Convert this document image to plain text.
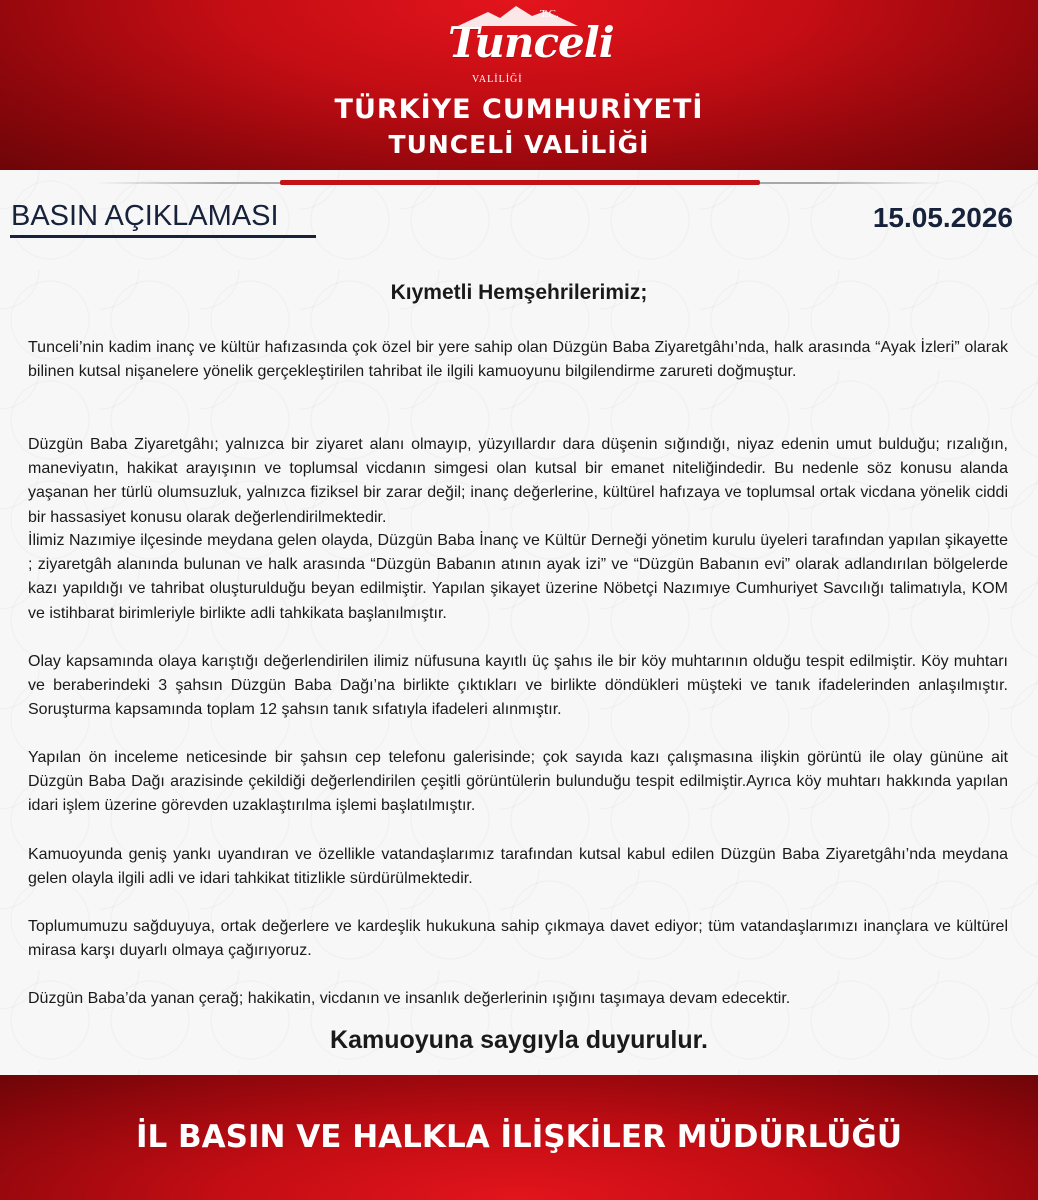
T.C.
Tunceli
VALİLİĞİ
TÜRKİYE CUMHURİYETİ
TUNCELİ VALİLİĞİ
BASIN AÇIKLAMASI	15.05.2026
Kıymetli Hemşehrilerimiz;

Tunceli’nin kadim inanç ve kültür hafızasında çok özel bir yere sahip olan Düzgün Baba Ziyaretgâhı’nda, halk arasında “Ayak İzleri” olarak bilinen kutsal nişanelere yönelik gerçekleştirilen tahribat ile ilgili kamuoyunu bilgilendirme zarureti doğmuştur.

Düzgün Baba Ziyaretgâhı; yalnızca bir ziyaret alanı olmayıp, yüzyıllardır dara düşenin sığındığı, niyaz edenin umut bulduğu; rızalığın, maneviyatın, hakikat arayışının ve toplumsal vicdanın simgesi olan kutsal bir emanet niteliğindedir. Bu nedenle söz konusu alanda yaşanan her türlü olumsuzluk, yalnızca fiziksel bir zarar değil; inanç değerlerine, kültürel hafızaya ve toplumsal ortak vicdana yönelik ciddi bir hassasiyet konusu olarak değerlendirilmektedir.

İlimiz Nazımiye ilçesinde meydana gelen olayda, Düzgün Baba İnanç ve Kültür Derneği yönetim kurulu üyeleri tarafından yapılan şikayette ; ziyaretgâh alanında bulunan ve halk arasında “Düzgün Babanın atının ayak izi” ve “Düzgün Babanın evi” olarak adlandırılan bölgelerde kazı yapıldığı ve tahribat oluşturulduğu beyan edilmiştir. Yapılan şikayet üzerine Nöbetçi Nazımıye Cumhuriyet Savcılığı talimatıyla, KOM ve istihbarat birimleriyle birlikte adli tahkikata başlanılmıştır.

Olay kapsamında olaya karıştığı değerlendirilen ilimiz nüfusuna kayıtlı üç şahıs ile bir köy muhtarının olduğu tespit edilmiştir. Köy muhtarı ve beraberindeki 3 şahsın Düzgün Baba Dağı’na birlikte çıktıkları ve birlikte döndükleri müşteki ve tanık ifadelerinden anlaşılmıştır. Soruşturma kapsamında toplam 12 şahsın tanık sıfatıyla ifadeleri alınmıştır.

Yapılan ön inceleme neticesinde bir şahsın cep telefonu galerisinde; çok sayıda kazı çalışmasına ilişkin görüntü ile olay gününe ait Düzgün Baba Dağı arazisinde çekildiği değerlendirilen çeşitli görüntülerin bulunduğu tespit edilmiştir.Ayrıca köy muhtarı hakkında yapılan idari işlem üzerine görevden uzaklaştırılma işlemi başlatılmıştır.

Kamuoyunda geniş yankı uyandıran ve özellikle vatandaşlarımız tarafından kutsal kabul edilen Düzgün Baba Ziyaretgâhı’nda meydana gelen olayla ilgili adli ve idari tahkikat titizlikle sürdürülmektedir.

Toplumumuzu sağduyuya, ortak değerlere ve kardeşlik hukukuna sahip çıkmaya davet ediyor; tüm vatandaşlarımızı inançlara ve kültürel mirasa karşı duyarlı olmaya çağırıyoruz.

Düzgün Baba’da yanan çerağ; hakikatin, vicdanın ve insanlık değerlerinin ışığını taşımaya devam edecektir.

Kamuoyuna saygıyla duyurulur.
İL BASIN VE HALKLA İLİŞKİLER MÜDÜRLÜĞÜ
